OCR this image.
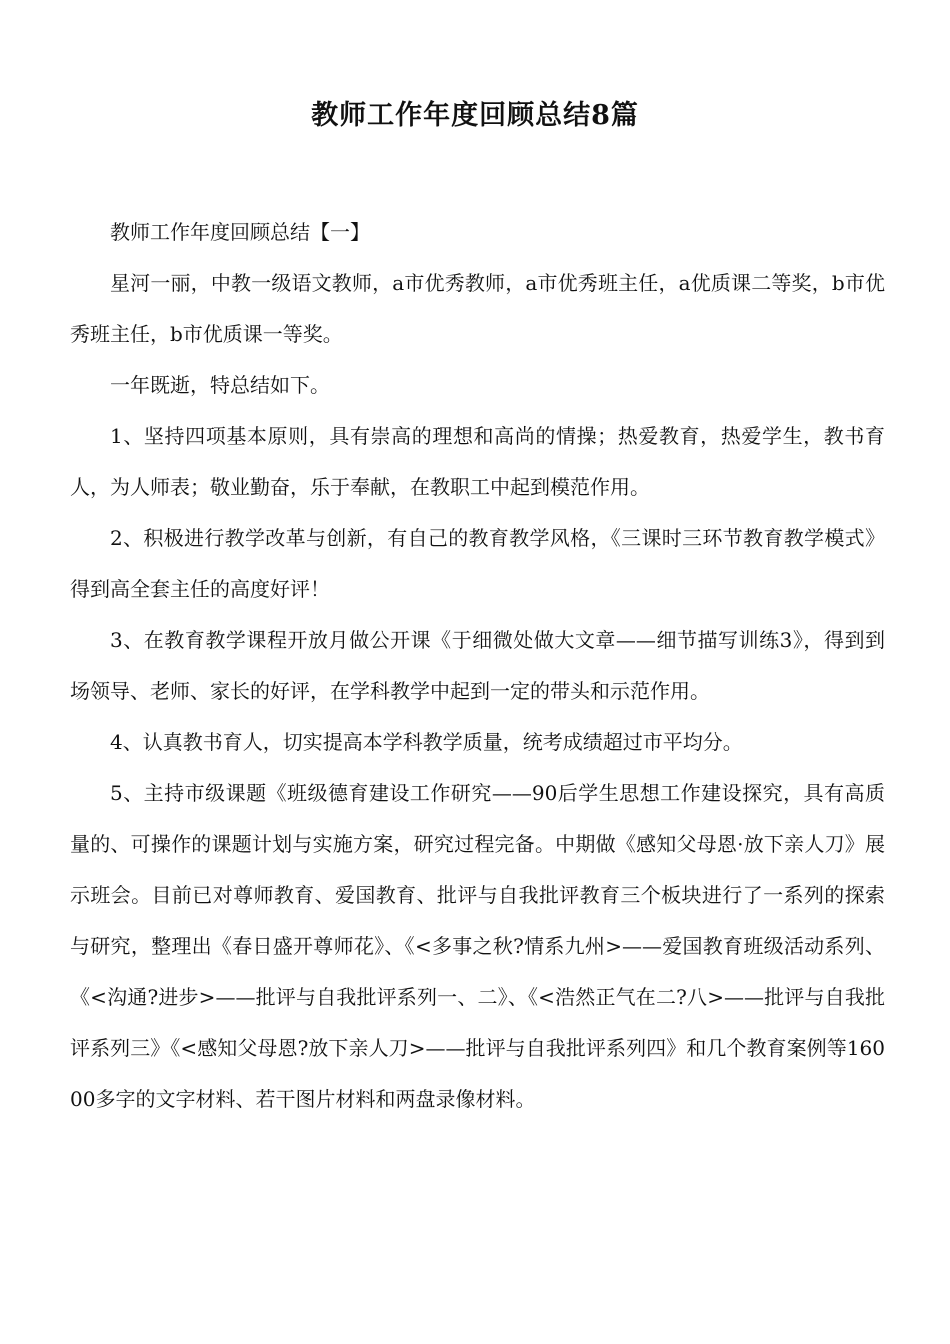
教师工作年度回顾总结8篇

教师工作年度回顾总结【一】

星河一丽，中教一级语文教师，a市优秀教师，a市优秀班主任，a优质课二等奖，b市优秀班主任，b市优质课一等奖。

一年既逝，特总结如下。

1、坚持四项基本原则，具有崇高的理想和高尚的情操；热爱教育，热爱学生，教书育人，为人师表；敬业勤奋，乐于奉献，在教职工中起到模范作用。

2、积极进行教学改革与创新，有自己的教育教学风格，《三课时三环节教育教学模式》得到高全套主任的高度好评！

3、在教育教学课程开放月做公开课《于细微处做大文章——细节描写训练3》，得到到场领导、老师、家长的好评，在学科教学中起到一定的带头和示范作用。

4、认真教书育人，切实提高本学科教学质量，统考成绩超过市平均分。

5、主持市级课题《班级德育建设工作研究——90后学生思想工作建设探究，具有高质量的、可操作的课题计划与实施方案，研究过程完备。中期做《感知父母恩·放下亲人刀》展示班会。目前已对尊师教育、爱国教育、批评与自我批评教育三个板块进行了一系列的探索与研究，整理出《春日盛开尊师花》、《<多事之秋?情系九州>——爱国教育班级活动系列、《<沟通?进步>——批评与自我批评系列一、二》、《<浩然正气在二?八>——批评与自我批评系列三》《<感知父母恩?放下亲人刀>——批评与自我批评系列四》和几个教育案例等16000多字的文字材料、若干图片材料和两盘录像材料。
